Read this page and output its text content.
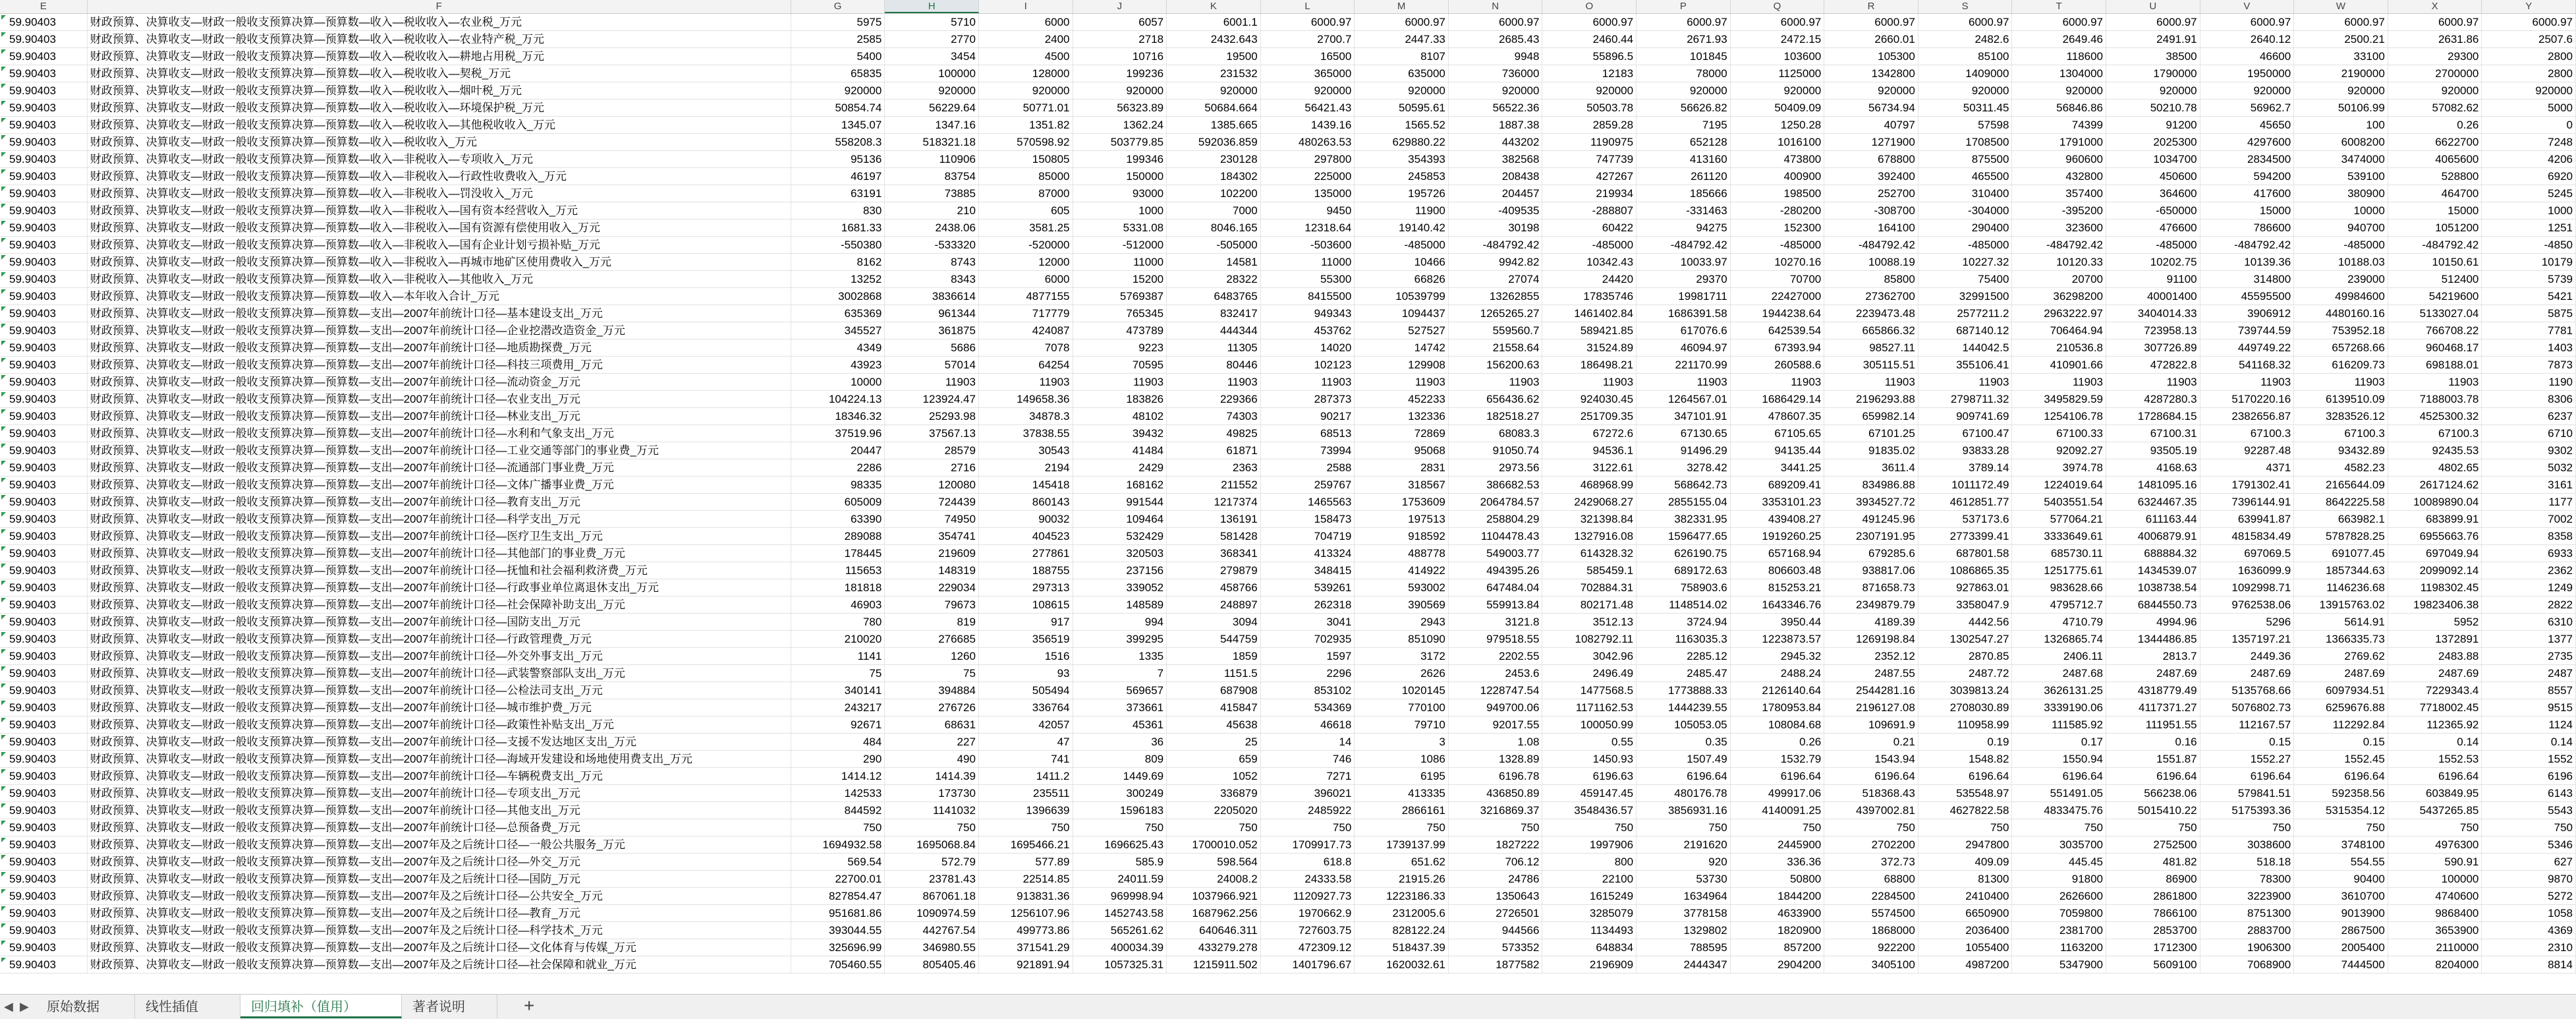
E	F	G	H	I	J	K	L	M	N	O	P	Q	R	S	T	U	V	W	X	Y
59.90403	财政预算、决算收支—财政一般收支预算决算—预算数—收入—税收收入—农业税_万元	5975	5710	6000	6057	6001.1	6000.97	6000.97	6000.97	6000.97	6000.97	6000.97	6000.97	6000.97	6000.97	6000.97	6000.97	6000.97	6000.97	6000.97
59.90403	财政预算、决算收支—财政一般收支预算决算—预算数—收入—税收收入—农业特产税_万元	2585	2770	2400	2718	2432.643	2700.7	2447.33	2685.43	2460.44	2671.93	2472.15	2660.01	2482.6	2649.46	2491.91	2640.12	2500.21	2631.86	2507.6
59.90403	财政预算、决算收支—财政一般收支预算决算—预算数—收入—税收收入—耕地占用税_万元	5400	3454	4500	10716	19500	16500	8107	9948	55896.5	101845	103600	105300	85100	118600	38500	46600	33100	29300	2800
59.90403	财政预算、决算收支—财政一般收支预算决算—预算数—收入—税收收入—契税_万元	65835	100000	128000	199236	231532	365000	635000	736000	12183	78000	1125000	1342800	1409000	1304000	1790000	1950000	2190000	2700000	2800
59.90403	财政预算、决算收支—财政一般收支预算决算—预算数—收入—税收收入—烟叶税_万元	920000	920000	920000	920000	920000	920000	920000	920000	920000	920000	920000	920000	920000	920000	920000	920000	920000	920000	920000
59.90403	财政预算、决算收支—财政一般收支预算决算—预算数—收入—税收收入—环境保护税_万元	50854.74	56229.64	50771.01	56323.89	50684.664	56421.43	50595.61	56522.36	50503.78	56626.82	50409.09	56734.94	50311.45	56846.86	50210.78	56962.7	50106.99	57082.62	5000
59.90403	财政预算、决算收支—财政一般收支预算决算—预算数—收入—税收收入—其他税收收入_万元	1345.07	1347.16	1351.82	1362.24	1385.665	1439.16	1565.52	1887.38	2859.28	7195	1250.28	40797	57598	74399	91200	45650	100	0.26	0
59.90403	财政预算、决算收支—财政一般收支预算决算—预算数—收入—税收收入_万元	558208.3	518321.18	570598.92	503779.85	592036.859	480263.53	629880.22	443202	1190975	652128	1016100	1271900	1708500	1791000	2025300	4297600	6008200	6622700	7248
59.90403	财政预算、决算收支—财政一般收支预算决算—预算数—收入—非税收入—专项收入_万元	95136	110906	150805	199346	230128	297800	354393	382568	747739	413160	473800	678800	875500	960600	1034700	2834500	3474000	4065600	4206
59.90403	财政预算、决算收支—财政一般收支预算决算—预算数—收入—非税收入—行政性收费收入_万元	46197	83754	85000	150000	184302	225000	245853	208438	427267	261120	400900	392400	465500	432800	450600	594200	539100	528800	6920
59.90403	财政预算、决算收支—财政一般收支预算决算—预算数—收入—非税收入—罚没收入_万元	63191	73885	87000	93000	102200	135000	195726	204457	219934	185666	198500	252700	310400	357400	364600	417600	380900	464700	5245
59.90403	财政预算、决算收支—财政一般收支预算决算—预算数—收入—非税收入—国有资本经营收入_万元	830	210	605	1000	7000	9450	11900	-409535	-288807	-331463	-280200	-308700	-304000	-395200	-650000	15000	10000	15000	1000
59.90403	财政预算、决算收支—财政一般收支预算决算—预算数—收入—非税收入—国有资源有偿使用收入_万元	1681.33	2438.06	3581.25	5331.08	8046.165	12318.64	19140.42	30198	60422	94275	152300	164100	290400	323600	476600	786600	940700	1051200	1251
59.90403	财政预算、决算收支—财政一般收支预算决算—预算数—收入—非税收入—国有企业计划亏损补贴_万元	-550380	-533320	-520000	-512000	-505000	-503600	-485000	-484792.42	-485000	-484792.42	-485000	-484792.42	-485000	-484792.42	-485000	-484792.42	-485000	-484792.42	-4850
59.90403	财政预算、决算收支—财政一般收支预算决算—预算数—收入—非税收入—再城市地矿区使用费收入_万元	8162	8743	12000	11000	14581	11000	10466	9942.82	10342.43	10033.97	10270.16	10088.19	10227.32	10120.33	10202.75	10139.36	10188.03	10150.61	10179
59.90403	财政预算、决算收支—财政一般收支预算决算—预算数—收入—非税收入—其他收入_万元	13252	8343	6000	15200	28322	55300	66826	27074	24420	29370	70700	85800	75400	20700	91100	314800	239000	512400	5739
59.90403	财政预算、决算收支—财政一般收支预算决算—预算数—收入—本年收入合计_万元	3002868	3836614	4877155	5769387	6483765	8415500	10539799	13262855	17835746	19981711	22427000	27362700	32991500	36298200	40001400	45595500	49984600	54219600	5421
59.90403	财政预算、决算收支—财政一般收支预算决算—预算数—支出—2007年前统计口径—基本建设支出_万元	635369	961344	717779	765345	832417	949343	1094437	1265265.27	1461402.84	1686391.58	1944238.64	2239473.48	2577211.2	2963222.97	3404014.33	3906912	4480160.16	5133027.04	5875
59.90403	财政预算、决算收支—财政一般收支预算决算—预算数—支出—2007年前统计口径—企业挖潜改造资金_万元	345527	361875	424087	473789	444344	453762	527527	559560.7	589421.85	617076.6	642539.54	665866.32	687140.12	706464.94	723958.13	739744.59	753952.18	766708.22	7781
59.90403	财政预算、决算收支—财政一般收支预算决算—预算数—支出—2007年前统计口径—地质勘探费_万元	4349	5686	7078	9223	11305	14020	14742	21558.64	31524.89	46094.97	67393.94	98527.11	144042.5	210536.8	307726.89	449749.22	657268.66	960468.17	1403
59.90403	财政预算、决算收支—财政一般收支预算决算—预算数—支出—2007年前统计口径—科技三项费用_万元	43923	57014	64254	70595	80446	102123	129908	156200.63	186498.21	221170.99	260588.6	305115.51	355106.41	410901.66	472822.8	541168.32	616209.73	698188.01	7873
59.90403	财政预算、决算收支—财政一般收支预算决算—预算数—支出—2007年前统计口径—流动资金_万元	10000	11903	11903	11903	11903	11903	11903	11903	11903	11903	11903	11903	11903	11903	11903	11903	11903	11903	1190
59.90403	财政预算、决算收支—财政一般收支预算决算—预算数—支出—2007年前统计口径—农业支出_万元	104224.13	123924.47	149658.36	183826	229366	287373	452233	656436.62	924030.45	1264567.01	1686429.14	2196293.88	2798711.32	3495829.59	4287280.3	5170220.16	6139510.09	7188003.78	8306
59.90403	财政预算、决算收支—财政一般收支预算决算—预算数—支出—2007年前统计口径—林业支出_万元	18346.32	25293.98	34878.3	48102	74303	90217	132336	182518.27	251709.35	347101.91	478607.35	659982.14	909741.69	1254106.78	1728684.15	2382656.87	3283526.12	4525300.32	6237
59.90403	财政预算、决算收支—财政一般收支预算决算—预算数—支出—2007年前统计口径—水利和气象支出_万元	37519.96	37567.13	37838.55	39432	49825	68513	72869	68083.3	67272.6	67130.65	67105.65	67101.25	67100.47	67100.33	67100.31	67100.3	67100.3	67100.3	6710
59.90403	财政预算、决算收支—财政一般收支预算决算—预算数—支出—2007年前统计口径—工业交通等部门的事业费_万元	20447	28579	30543	41484	61871	73994	95068	91050.74	94536.1	91496.29	94135.44	91835.02	93833.28	92092.27	93505.19	92287.48	93432.89	92435.53	9302
59.90403	财政预算、决算收支—财政一般收支预算决算—预算数—支出—2007年前统计口径—流通部门事业费_万元	2286	2716	2194	2429	2363	2588	2831	2973.56	3122.61	3278.42	3441.25	3611.4	3789.14	3974.78	4168.63	4371	4582.23	4802.65	5032
59.90403	财政预算、决算收支—财政一般收支预算决算—预算数—支出—2007年前统计口径—文体广播事业费_万元	98335	120080	145418	168162	211552	259767	318567	386682.53	468968.99	568642.73	689209.41	834986.88	1011172.49	1224019.64	1481095.16	1791302.41	2165644.09	2617124.62	3161
59.90403	财政预算、决算收支—财政一般收支预算决算—预算数—支出—2007年前统计口径—教育支出_万元	605009	724439	860143	991544	1217374	1465563	1753609	2064784.57	2429068.27	2855155.04	3353101.23	3934527.72	4612851.77	5403551.54	6324467.35	7396144.91	8642225.58	10089890.04	1177
59.90403	财政预算、决算收支—财政一般收支预算决算—预算数—支出—2007年前统计口径—科学支出_万元	63390	74950	90032	109464	136191	158473	197513	258804.29	321398.84	382331.95	439408.27	491245.96	537173.6	577064.21	611163.44	639941.87	663982.1	683899.91	7002
59.90403	财政预算、决算收支—财政一般收支预算决算—预算数—支出—2007年前统计口径—医疗卫生支出_万元	289088	354741	404523	532429	581428	704719	918592	1104478.43	1327916.08	1596477.65	1919260.25	2307191.95	2773399.41	3333649.61	4006879.91	4815834.49	5787828.25	6955663.76	8358
59.90403	财政预算、决算收支—财政一般收支预算决算—预算数—支出—2007年前统计口径—其他部门的事业费_万元	178445	219609	277861	320503	368341	413324	488778	549003.77	614328.32	626190.75	657168.94	679285.6	687801.58	685730.11	688884.32	697069.5	691077.45	697049.94	6933
59.90403	财政预算、决算收支—财政一般收支预算决算—预算数—支出—2007年前统计口径—抚恤和社会福利救济费_万元	115653	148319	188755	237156	279879	348415	414922	494395.26	585459.1	689172.63	806603.48	938817.06	1086865.35	1251775.61	1434539.07	1636099.9	1857344.63	2099092.14	2362
59.90403	财政预算、决算收支—财政一般收支预算决算—预算数—支出—2007年前统计口径—行政事业单位离退休支出_万元	181818	229034	297313	339052	458766	539261	593002	647484.04	702884.31	758903.6	815253.21	871658.73	927863.01	983628.66	1038738.54	1092998.71	1146236.68	1198302.45	1249
59.90403	财政预算、决算收支—财政一般收支预算决算—预算数—支出—2007年前统计口径—社会保障补助支出_万元	46903	79673	108615	148589	248897	262318	390569	559913.84	802171.48	1148514.02	1643346.76	2349879.79	3358047.9	4795712.7	6844550.73	9762538.06	13915763.02	19823406.38	2822
59.90403	财政预算、决算收支—财政一般收支预算决算—预算数—支出—2007年前统计口径—国防支出_万元	780	819	917	994	3094	3041	2943	3121.8	3512.13	3724.94	3950.44	4189.39	4442.56	4710.79	4994.96	5296	5614.91	5952	6310
59.90403	财政预算、决算收支—财政一般收支预算决算—预算数—支出—2007年前统计口径—行政管理费_万元	210020	276685	356519	399295	544759	702935	851090	979518.55	1082792.11	1163035.3	1223873.57	1269198.84	1302547.27	1326865.74	1344486.85	1357197.21	1366335.73	1372891	1377
59.90403	财政预算、决算收支—财政一般收支预算决算—预算数—支出—2007年前统计口径—外交外事支出_万元	1141	1260	1516	1335	1859	1597	3172	2202.55	3042.96	2285.12	2945.32	2352.12	2870.85	2406.11	2813.7	2449.36	2769.62	2483.88	2735
59.90403	财政预算、决算收支—财政一般收支预算决算—预算数—支出—2007年前统计口径—武装警察部队支出_万元	75	75	93	7	1151.5	2296	2626	2453.6	2496.49	2485.47	2488.24	2487.55	2487.72	2487.68	2487.69	2487.69	2487.69	2487.69	2487
59.90403	财政预算、决算收支—财政一般收支预算决算—预算数—支出—2007年前统计口径—公检法司支出_万元	340141	394884	505494	569657	687908	853102	1020145	1228747.54	1477568.5	1773888.33	2126140.64	2544281.16	3039813.24	3626131.25	4318779.49	5135768.66	6097934.51	7229343.4	8557
59.90403	财政预算、决算收支—财政一般收支预算决算—预算数—支出—2007年前统计口径—城市维护费_万元	243217	276726	336764	373661	415847	534369	770100	949700.06	1171162.53	1444239.55	1780953.84	2196127.08	2708030.89	3339190.06	4117371.27	5076802.73	6259676.88	7718002.45	9515
59.90403	财政预算、决算收支—财政一般收支预算决算—预算数—支出—2007年前统计口径—政策性补贴支出_万元	92671	68631	42057	45361	45638	46618	79710	92017.55	100050.99	105053.05	108084.68	109691.9	110958.99	111585.92	111951.55	112167.57	112292.84	112365.92	1124
59.90403	财政预算、决算收支—财政一般收支预算决算—预算数—支出—2007年前统计口径—支援不发达地区支出_万元	484	227	47	36	25	14	3	1.08	0.55	0.35	0.26	0.21	0.19	0.17	0.16	0.15	0.15	0.14	0.14
59.90403	财政预算、决算收支—财政一般收支预算决算—预算数—支出—2007年前统计口径—海域开发建设和场地使用费支出_万元	290	490	741	809	659	746	1086	1328.89	1450.93	1507.49	1532.79	1543.94	1548.82	1550.94	1551.87	1552.27	1552.45	1552.53	1552
59.90403	财政预算、决算收支—财政一般收支预算决算—预算数—支出—2007年前统计口径—车辆税费支出_万元	1414.12	1414.39	1411.2	1449.69	1052	7271	6195	6196.78	6196.63	6196.64	6196.64	6196.64	6196.64	6196.64	6196.64	6196.64	6196.64	6196.64	6196
59.90403	财政预算、决算收支—财政一般收支预算决算—预算数—支出—2007年前统计口径—专项支出_万元	142533	173730	235511	300249	336879	396021	413335	436850.89	459147.45	480176.78	499917.06	518368.43	535548.97	551491.05	566238.06	579841.51	592358.56	603849.95	6143
59.90403	财政预算、决算收支—财政一般收支预算决算—预算数—支出—2007年前统计口径—其他支出_万元	844592	1141032	1396639	1596183	2205020	2485922	2866161	3216869.37	3548436.57	3856931.16	4140091.25	4397002.81	4627822.58	4833475.76	5015410.22	5175393.36	5315354.12	5437265.85	5543
59.90403	财政预算、决算收支—财政一般收支预算决算—预算数—支出—2007年前统计口径—总预备费_万元	750	750	750	750	750	750	750	750	750	750	750	750	750	750	750	750	750	750	750
59.90403	财政预算、决算收支—财政一般收支预算决算—预算数—支出—2007年及之后统计口径—一般公共服务_万元	1694932.58	1695068.84	1695466.21	1696625.43	1700010.052	1709917.73	1739137.99	1827222	1997906	2191620	2445900	2702200	2947800	3035700	2752500	3038600	3748100	4976300	5346
59.90403	财政预算、决算收支—财政一般收支预算决算—预算数—支出—2007年及之后统计口径—外交_万元	569.54	572.79	577.89	585.9	598.564	618.8	651.62	706.12	800	920	336.36	372.73	409.09	445.45	481.82	518.18	554.55	590.91	627
59.90403	财政预算、决算收支—财政一般收支预算决算—预算数—支出—2007年及之后统计口径—国防_万元	22700.01	23781.43	22514.85	24011.59	24008.2	24333.58	21915.26	24786	22100	53730	50800	68800	81300	91800	86900	78300	90400	100000	9870
59.90403	财政预算、决算收支—财政一般收支预算决算—预算数—支出—2007年及之后统计口径—公共安全_万元	827854.47	867061.18	913831.36	969998.94	1037966.921	1120927.73	1223186.33	1350643	1615249	1634964	1844200	2284500	2410400	2626600	2861800	3223900	3610700	4740600	5272
59.90403	财政预算、决算收支—财政一般收支预算决算—预算数—支出—2007年及之后统计口径—教育_万元	951681.86	1090974.59	1256107.96	1452743.58	1687962.256	1970662.9	2312005.6	2726501	3285079	3778158	4633900	5574500	6650900	7059800	7866100	8751300	9013900	9868400	1058
59.90403	财政预算、决算收支—财政一般收支预算决算—预算数—支出—2007年及之后统计口径—科学技术_万元	393044.55	442767.54	499773.86	565261.62	640646.311	727603.75	828122.24	944566	1134493	1329802	1820900	1868000	2036400	2381700	2853700	2883700	2867500	3653900	4369
59.90403	财政预算、决算收支—财政一般收支预算决算—预算数—支出—2007年及之后统计口径—文化体育与传媒_万元	325696.99	346980.55	371541.29	400034.39	433279.278	472309.12	518437.39	573352	648834	788595	857200	922200	1055400	1163200	1712300	1906300	2005400	2110000	2310
59.90403	财政预算、决算收支—财政一般收支预算决算—预算数—支出—2007年及之后统计口径—社会保障和就业_万元	705460.55	805405.46	921891.94	1057325.31	1215911.502	1401796.67	1620032.61	1877582	2196909	2444347	2904200	3405100	4987200	5347900	5609100	7068900	7444500	8204000	8814
◀ ▶	原始数据	线性插值	回归填补（值用）	著者说明	+
